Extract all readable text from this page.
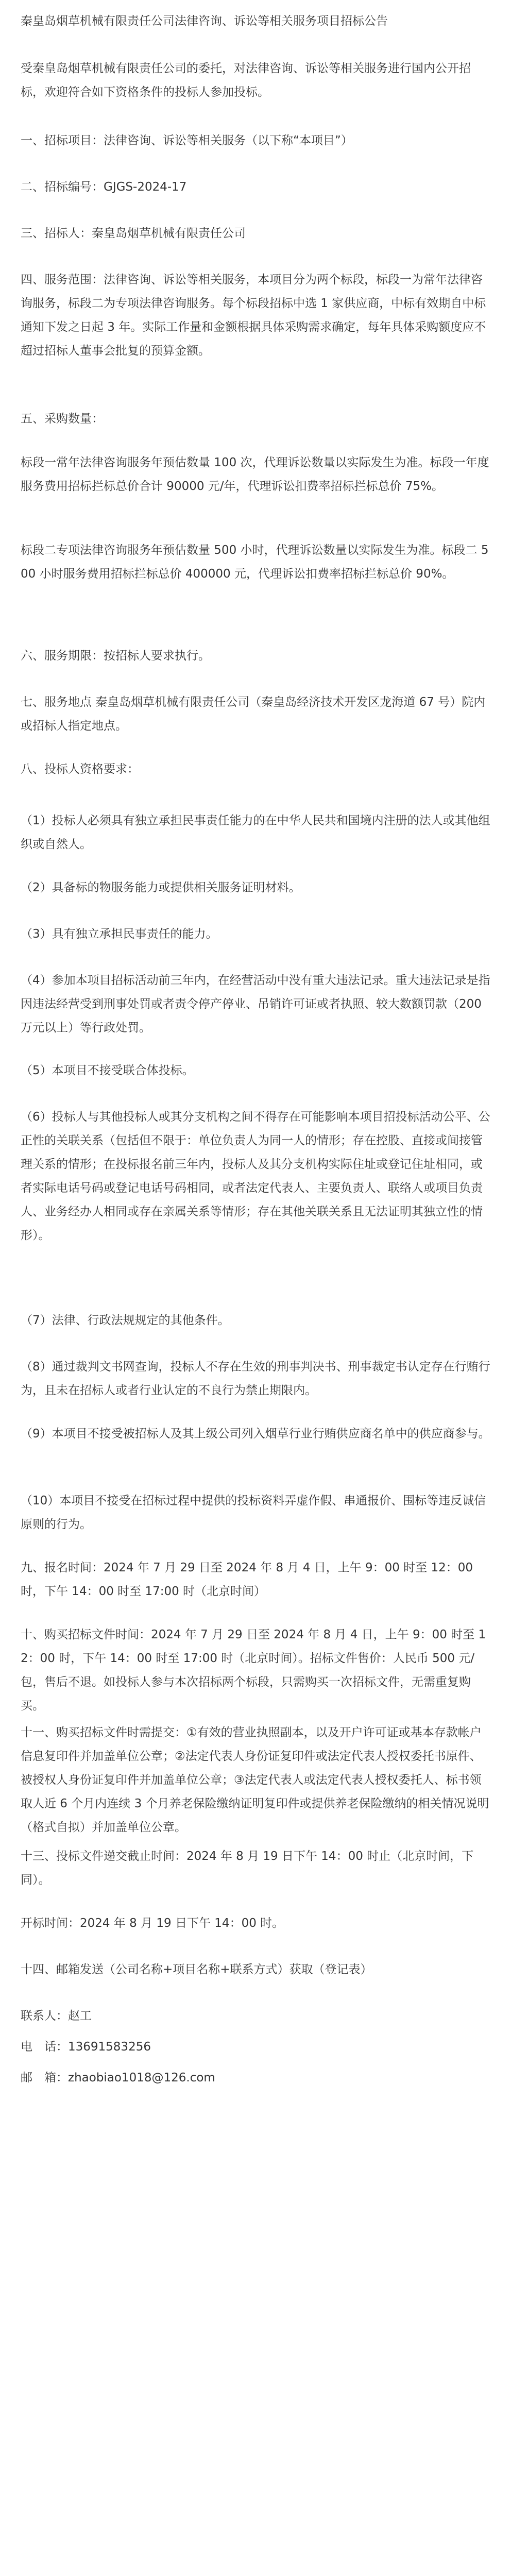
秦皇岛烟草机械有限责任公司法律咨询、诉讼等相关服务项目招标公告
受秦皇岛烟草机械有限责任公司的委托，对法律咨询、诉讼等相关服务进行国内公开招标，欢迎符合如下资格条件的投标人参加投标。
一、招标项目：法律咨询、诉讼等相关服务（以下称“本项目”）
二、招标编号：GJGS-2024-17
三、招标人：秦皇岛烟草机械有限责任公司
四、服务范围：法律咨询、诉讼等相关服务，本项目分为两个标段，标段一为常年法律咨询服务，标段二为专项法律咨询服务。每个标段招标中选 1 家供应商，中标有效期自中标通知下发之日起 3 年。实际工作量和金额根据具体采购需求确定，每年具体采购额度应不超过招标人董事会批复的预算金额。
五、采购数量：
标段一常年法律咨询服务年预估数量 100 次，代理诉讼数量以实际发生为准。标段一年度服务费用招标拦标总价合计 90000 元/年，代理诉讼扣费率招标拦标总价 75%。
标段二专项法律咨询服务年预估数量 500 小时，代理诉讼数量以实际发生为准。标段二 500 小时服务费用招标拦标总价 400000 元，代理诉讼扣费率招标拦标总价 90%。
六、服务期限：按招标人要求执行。
七、服务地点 秦皇岛烟草机械有限责任公司（秦皇岛经济技术开发区龙海道 67 号）院内或招标人指定地点。
八、投标人资格要求：
（1）投标人必须具有独立承担民事责任能力的在中华人民共和国境内注册的法人或其他组织或自然人。
（2）具备标的物服务能力或提供相关服务证明材料。
（3）具有独立承担民事责任的能力。
（4）参加本项目招标活动前三年内，在经营活动中没有重大违法记录。重大违法记录是指因违法经营受到刑事处罚或者责令停产停业、吊销许可证或者执照、较大数额罚款（200 万元以上）等行政处罚。
（5）本项目不接受联合体投标。
（6）投标人与其他投标人或其分支机构之间不得存在可能影响本项目招投标活动公平、公正性的关联关系（包括但不限于：单位负责人为同一人的情形；存在控股、直接或间接管理关系的情形；在投标报名前三年内，投标人及其分支机构实际住址或登记住址相同，或者实际电话号码或登记电话号码相同，或者法定代表人、主要负责人、联络人或项目负责人、业务经办人相同或存在亲属关系等情形；存在其他关联关系且无法证明其独立性的情形）。
（7）法律、行政法规规定的其他条件。
（8）通过裁判文书网查询，投标人不存在生效的刑事判决书、刑事裁定书认定存在行贿行为，且未在招标人或者行业认定的不良行为禁止期限内。
（9）本项目不接受被招标人及其上级公司列入烟草行业行贿供应商名单中的供应商参与。
（10）本项目不接受在招标过程中提供的投标资料弄虚作假、串通报价、围标等违反诚信原则的行为。
九、报名时间：2024 年 7 月 29 日至 2024 年 8 月 4 日，上午 9：00 时至 12：00 时，下午 14：00 时至 17:00 时（北京时间）
十、购买招标文件时间：2024 年 7 月 29 日至 2024 年 8 月 4 日，上午 9：00 时至 12：00 时，下午 14：00 时至 17:00 时（北京时间）。招标文件售价：人民币 500 元/包，售后不退。如投标人参与本次招标两个标段，只需购买一次招标文件，无需重复购买。
十一、购买招标文件时需提交：①有效的营业执照副本，以及开户许可证或基本存款帐户信息复印件并加盖单位公章；②法定代表人身份证复印件或法定代表人授权委托书原件、被授权人身份证复印件并加盖单位公章；③法定代表人或法定代表人授权委托人、标书领取人近 6 个月内连续 3 个月养老保险缴纳证明复印件或提供养老保险缴纳的相关情况说明（格式自拟）并加盖单位公章。
十三、投标文件递交截止时间：2024 年 8 月 19 日下午 14：00 时止（北京时间，下同）。
开标时间：2024 年 8 月 19 日下午 14：00 时。
十四、邮箱发送（公司名称+项目名称+联系方式）获取（登记表）
联系人：赵工
电　话：13691583256
邮　箱：zhaobiao1018@126.com
